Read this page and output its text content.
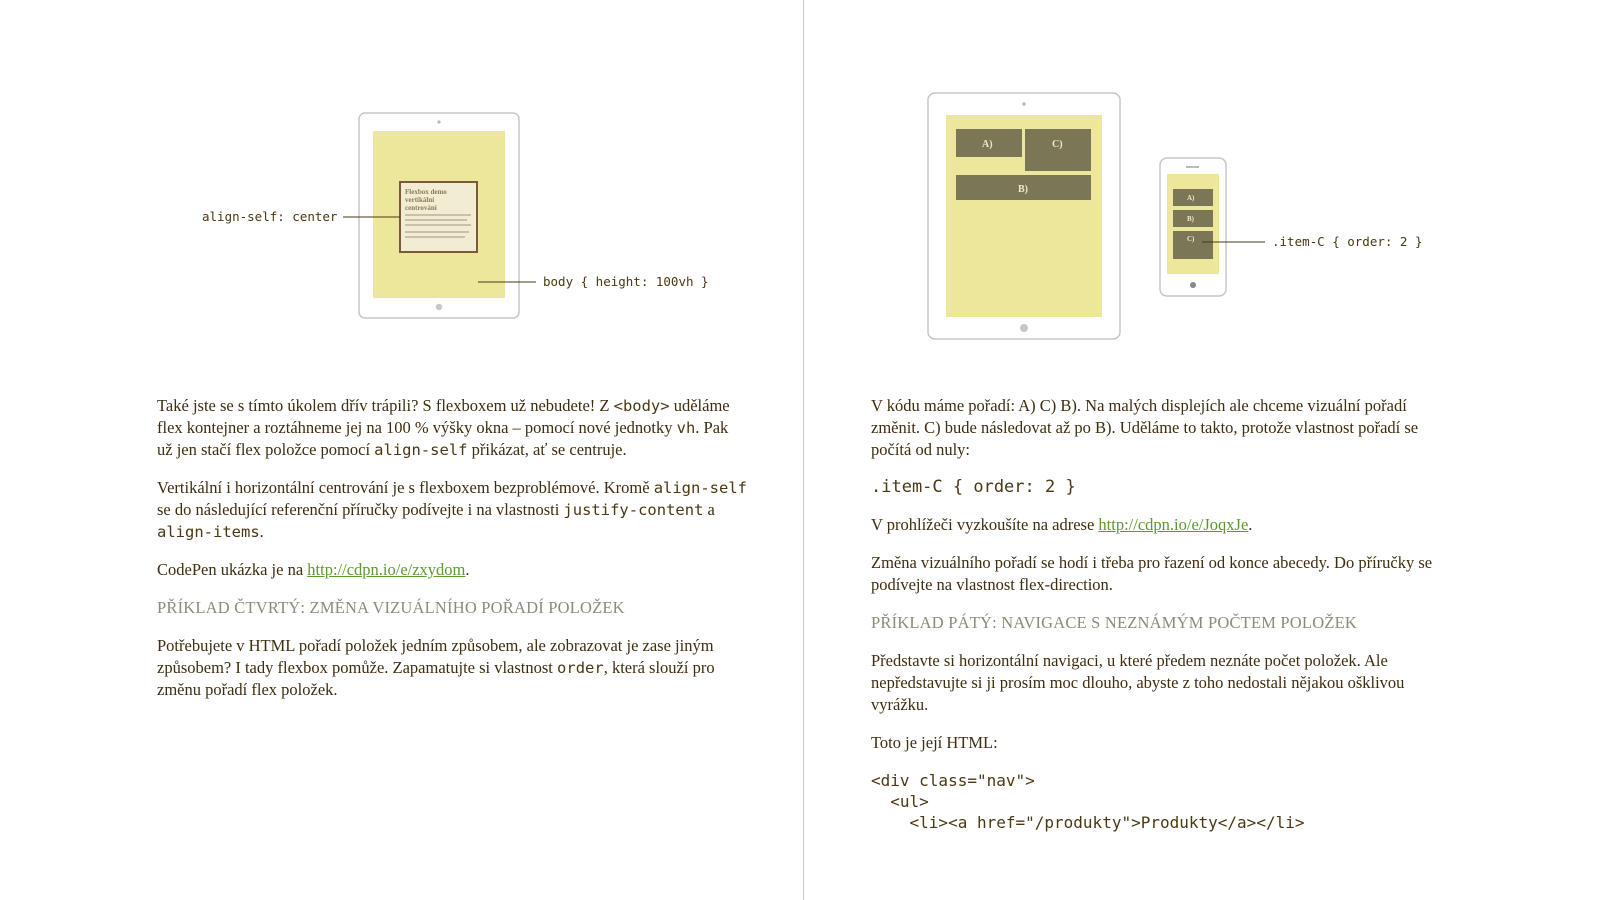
Flexbox demo
vertikální
centrování
align-self: center
body { height: 100vh }
A)	C)
B)
A)
B)
C)	.item-C { order: 2 }

Také jste se s tímto úkolem dřív trápili? S flexboxem už nebudete! Z <body> uděláme flex kontejner a roztáhneme jej na 100 % výšky okna – pomocí nové jednotky vh. Pak už jen stačí flex položce pomocí align-self přikázat, ať se centruje.

Vertikální i horizontální centrování je s flexboxem bezproblémové. Kromě align-self se do následující referenční příručky podívejte i na vlastnosti justify-content a align-items.

CodePen ukázka je na http://cdpn.io/e/zxydom.

PŘÍKLAD ČTVRTÝ: ZMĚNA VIZUÁLNÍHO POŘADÍ POLOŽEK

Potřebujete v HTML pořadí položek jedním způsobem, ale zobrazovat je zase jiným způsobem? I tady flexbox pomůže. Zapamatujte si vlastnost order, která slouží pro změnu pořadí flex položek.

V kódu máme pořadí: A) C) B). Na malých displejích ale chceme vizuální pořadí změnit. C) bude následovat až po B). Uděláme to takto, protože vlastnost pořadí se počítá od nuly:

.item-C { order: 2 }

V prohlížeči vyzkoušíte na adrese http://cdpn.io/e/JoqxJe.

Změna vizuálního pořadí se hodí i třeba pro řazení od konce abecedy. Do příručky se podívejte na vlastnost flex-direction.

PŘÍKLAD PÁTÝ: NAVIGACE S NEZNÁMÝM POČTEM POLOŽEK

Představte si horizontální navigaci, u které předem neznáte počet položek. Ale nepředstavujte si ji prosím moc dlouho, abyste z toho nedostali nějakou ošklivou vyrážku.

Toto je její HTML:

<div class="nav">
<ul>
<li><a href="/produkty">Produkty</a></li>
